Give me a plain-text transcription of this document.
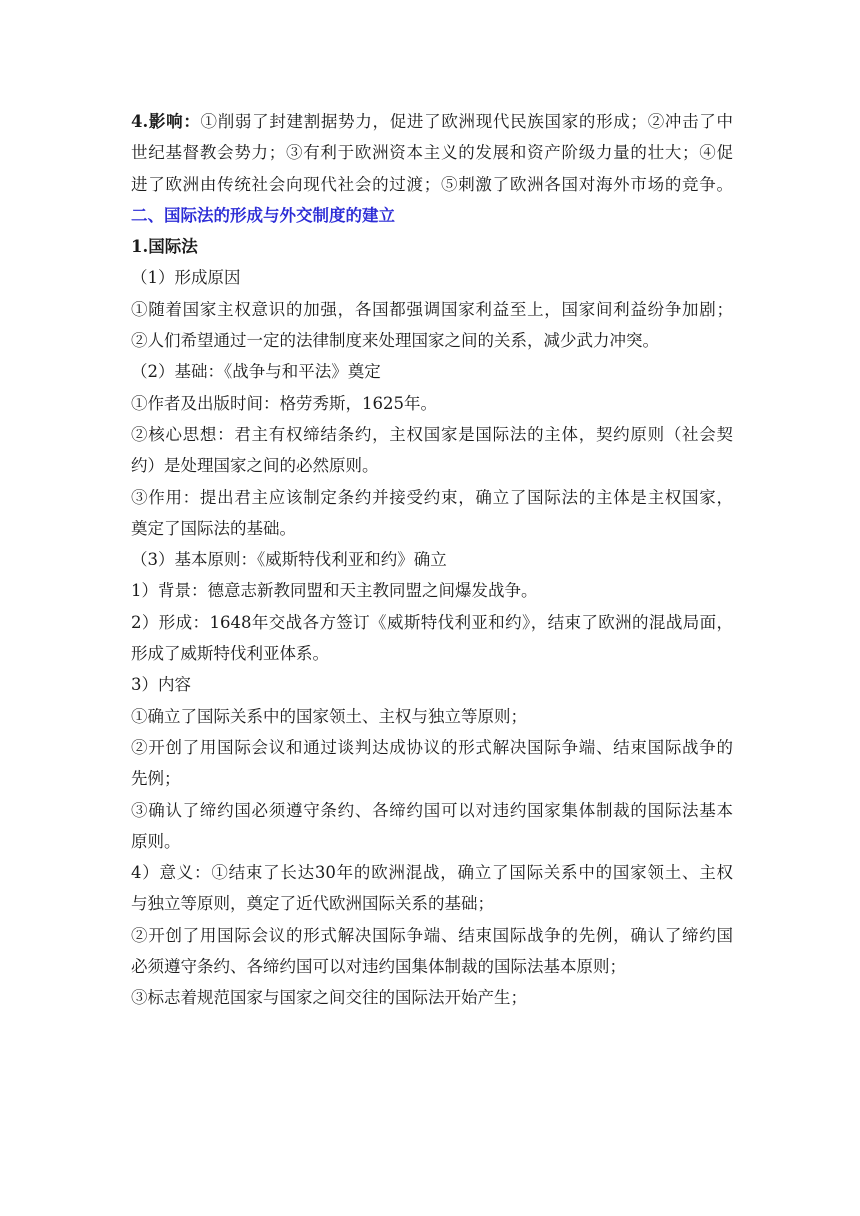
4.影响：①削弱了封建割据势力，促进了欧洲现代民族国家的形成；②冲击了中
世纪基督教会势力；③有利于欧洲资本主义的发展和资产阶级力量的壮大；④促
进了欧洲由传统社会向现代社会的过渡；⑤刺激了欧洲各国对海外市场的竞争。
二、国际法的形成与外交制度的建立
1.国际法
（1）形成原因
①随着国家主权意识的加强，各国都强调国家利益至上，国家间利益纷争加剧；
②人们希望通过一定的法律制度来处理国家之间的关系，减少武力冲突。
（2）基础：《战争与和平法》奠定
①作者及出版时间：格劳秀斯，1625年。
②核心思想：君主有权缔结条约，主权国家是国际法的主体，契约原则（社会契
约）是处理国家之间的必然原则。
③作用：提出君主应该制定条约并接受约束，确立了国际法的主体是主权国家，
奠定了国际法的基础。
（3）基本原则：《威斯特伐利亚和约》确立
1）背景：德意志新教同盟和天主教同盟之间爆发战争。
2）形成：1648年交战各方签订《威斯特伐利亚和约》，结束了欧洲的混战局面，
形成了威斯特伐利亚体系。
3）内容
①确立了国际关系中的国家领土、主权与独立等原则；
②开创了用国际会议和通过谈判达成协议的形式解决国际争端、结束国际战争的
先例；
③确认了缔约国必须遵守条约、各缔约国可以对违约国家集体制裁的国际法基本
原则。
4）意义：①结束了长达30年的欧洲混战，确立了国际关系中的国家领土、主权
与独立等原则，奠定了近代欧洲国际关系的基础；
②开创了用国际会议的形式解决国际争端、结束国际战争的先例，确认了缔约国
必须遵守条约、各缔约国可以对违约国集体制裁的国际法基本原则；
③标志着规范国家与国家之间交往的国际法开始产生；
